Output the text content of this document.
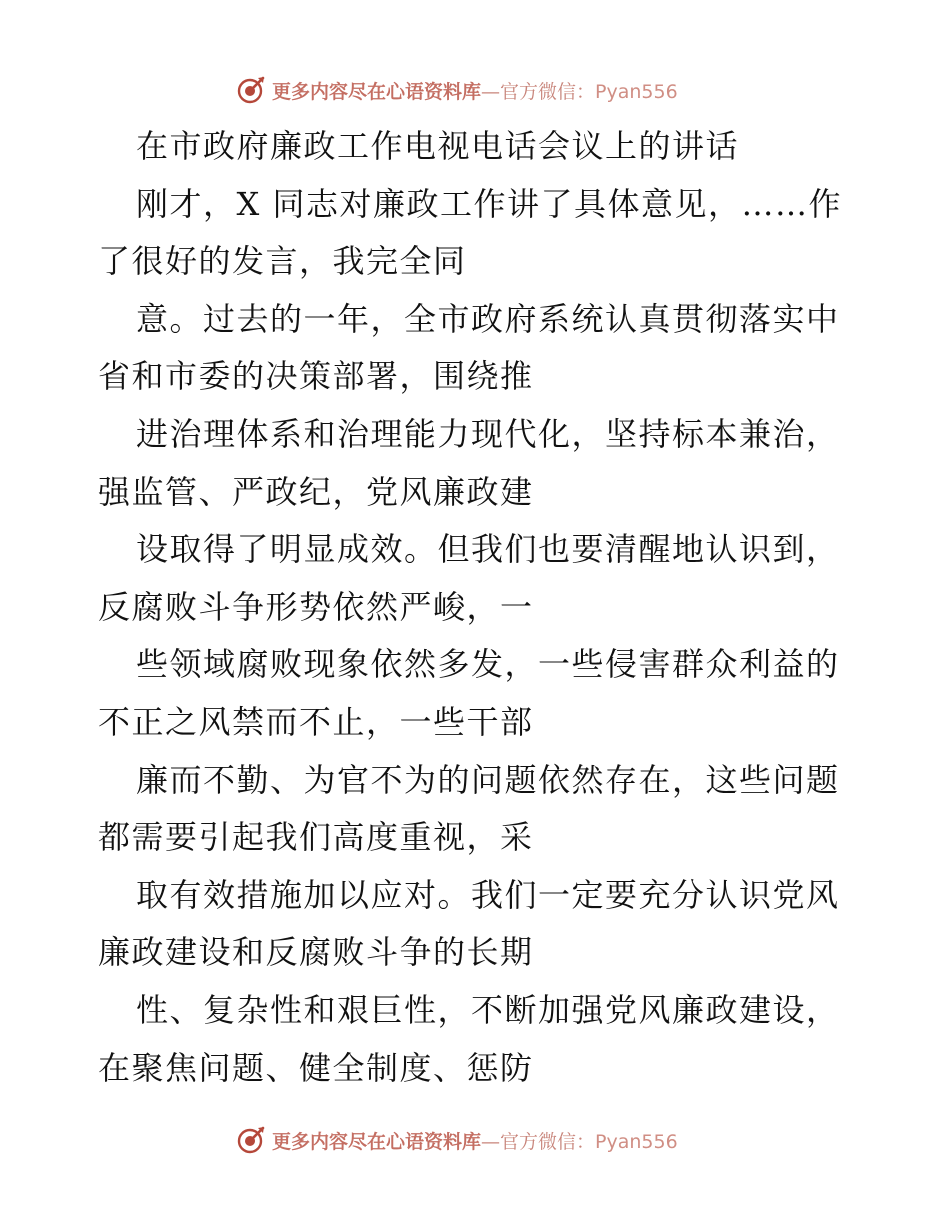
更多内容尽在心语资料库—官方微信：Pyan556
在市政府廉政工作电视电话会议上的讲话
刚才，X 同志对廉政工作讲了具体意见，……作
了很好的发言，我完全同
意。过去的一年，全市政府系统认真贯彻落实中
省和市委的决策部署，围绕推
进治理体系和治理能力现代化，坚持标本兼治，
强监管、严政纪，党风廉政建
设取得了明显成效。但我们也要清醒地认识到，
反腐败斗争形势依然严峻，一
些领域腐败现象依然多发，一些侵害群众利益的
不正之风禁而不止，一些干部
廉而不勤、为官不为的问题依然存在，这些问题
都需要引起我们高度重视，采
取有效措施加以应对。我们一定要充分认识党风
廉政建设和反腐败斗争的长期
性、复杂性和艰巨性，不断加强党风廉政建设，
在聚焦问题、健全制度、惩防
更多内容尽在心语资料库—官方微信：Pyan556
